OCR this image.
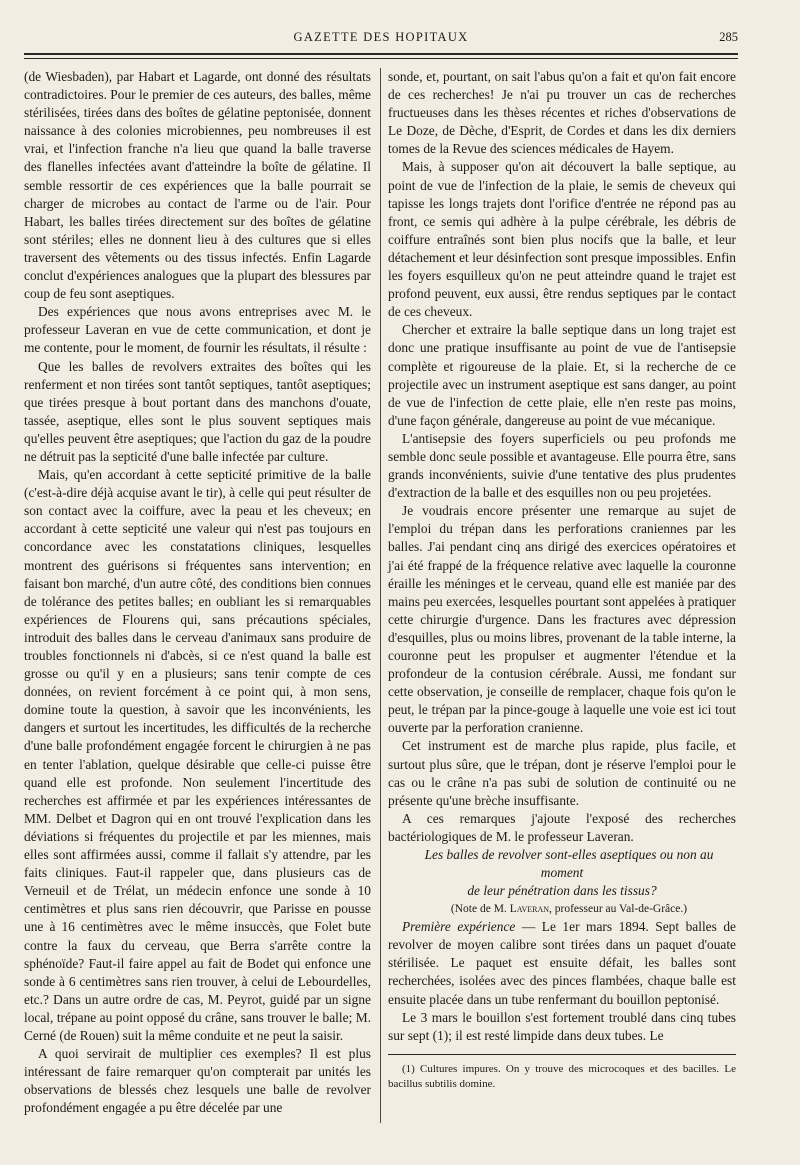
GAZETTE DES HOPITAUX	285

(de Wiesbaden), par Habart et Lagarde, ont donné des résultats contradictoires. Pour le premier de ces auteurs, des balles, même stérilisées, tirées dans des boîtes de gélatine peptonisée, donnent naissance à des colonies microbiennes, peu nombreuses il est vrai, et l'infection franche n'a lieu que quand la balle traverse des flanelles infectées avant d'atteindre la boîte de gélatine. Il semble ressortir de ces expériences que la balle pourrait se charger de microbes au contact de l'arme ou de l'air. Pour Habart, les balles tirées directement sur des boîtes de gélatine sont stériles; elles ne donnent lieu à des cultures que si elles traversent des vêtements ou des tissus infectés. Enfin Lagarde conclut d'expériences analogues que la plupart des blessures par coup de feu sont aseptiques.

Des expériences que nous avons entreprises avec M. le professeur Laveran en vue de cette communication, et dont je me contente, pour le moment, de fournir les résultats, il résulte :

Que les balles de revolvers extraites des boîtes qui les renferment et non tirées sont tantôt septiques, tantôt aseptiques; que tirées presque à bout portant dans des manchons d'ouate, tassée, aseptique, elles sont le plus souvent septiques mais qu'elles peuvent être aseptiques; que l'action du gaz de la poudre ne détruit pas la septicité d'une balle infectée par culture.

Mais, qu'en accordant à cette septicité primitive de la balle (c'est-à-dire déjà acquise avant le tir), à celle qui peut résulter de son contact avec la coiffure, avec la peau et les cheveux; en accordant à cette septicité une valeur qui n'est pas toujours en concordance avec les constatations cliniques, lesquelles montrent des guérisons si fréquentes sans intervention; en faisant bon marché, d'un autre côté, des conditions bien connues de tolérance des petites balles; en oubliant les si remarquables expériences de Flourens qui, sans précautions spéciales, introduit des balles dans le cerveau d'animaux sans produire de troubles fonctionnels ni d'abcès, si ce n'est quand la balle est grosse ou qu'il y en a plusieurs; sans tenir compte de ces données, on revient forcément à ce point qui, à mon sens, domine toute la question, à savoir que les inconvénients, les dangers et surtout les incertitudes, les difficultés de la recherche d'une balle profondément engagée forcent le chirurgien à ne pas en tenter l'ablation, quelque désirable que celle-ci puisse être quand elle est profonde. Non seulement l'incertitude des recherches est affirmée et par les expériences intéressantes de MM. Delbet et Dagron qui en ont trouvé l'explication dans les déviations si fréquentes du projectile et par les miennes, mais elles sont affirmées aussi, comme il fallait s'y attendre, par les faits cliniques. Faut-il rappeler que, dans plusieurs cas de Verneuil et de Trélat, un médecin enfonce une sonde à 10 centimètres et plus sans rien découvrir, que Parisse en pousse une à 16 centimètres avec le même insuccès, que Folet bute contre la faux du cerveau, que Berra s'arrête contre la sphénoïde? Faut-il faire appel au fait de Bodet qui enfonce une sonde à 6 centimètres sans rien trouver, à celui de Lebourdelles, etc.? Dans un autre ordre de cas, M. Peyrot, guidé par un signe local, trépane au point opposé du crâne, sans trouver le balle; M. Cerné (de Rouen) suit la même conduite et ne peut la saisir.

A quoi servirait de multiplier ces exemples? Il est plus intéressant de faire remarquer qu'on compterait par unités les observations de blessés chez lesquels une balle de revolver profondément engagée a pu être décelée par une

sonde, et, pourtant, on sait l'abus qu'on a fait et qu'on fait encore de ces recherches! Je n'ai pu trouver un cas de recherches fructueuses dans les thèses récentes et riches d'observations de Le Doze, de Dèche, d'Esprit, de Cordes et dans les dix derniers tomes de la Revue des sciences médicales de Hayem.

Mais, à supposer qu'on ait découvert la balle septique, au point de vue de l'infection de la plaie, le semis de cheveux qui tapisse les longs trajets dont l'orifice d'entrée ne répond pas au front, ce semis qui adhère à la pulpe cérébrale, les débris de coiffure entraînés sont bien plus nocifs que la balle, et leur détachement et leur désinfection sont presque impossibles. Enfin les foyers esquilleux qu'on ne peut atteindre quand le trajet est profond peuvent, eux aussi, être rendus septiques par le contact de ces cheveux.

Chercher et extraire la balle septique dans un long trajet est donc une pratique insuffisante au point de vue de l'antisepsie complète et rigoureuse de la plaie. Et, si la recherche de ce projectile avec un instrument aseptique est sans danger, au point de vue de l'infection de cette plaie, elle n'en reste pas moins, d'une façon générale, dangereuse au point de vue mécanique.

L'antisepsie des foyers superficiels ou peu profonds me semble donc seule possible et avantageuse. Elle pourra être, sans grands inconvénients, suivie d'une tentative des plus prudentes d'extraction de la balle et des esquilles non ou peu projetées.

Je voudrais encore présenter une remarque au sujet de l'emploi du trépan dans les perforations craniennes par les balles. J'ai pendant cinq ans dirigé des exercices opératoires et j'ai été frappé de la fréquence relative avec laquelle la couronne éraille les méninges et le cerveau, quand elle est maniée par des mains peu exercées, lesquelles pourtant sont appelées à pratiquer cette chirurgie d'urgence. Dans les fractures avec dépression d'esquilles, plus ou moins libres, provenant de la table interne, la couronne peut les propulser et augmenter l'étendue et la profondeur de la contusion cérébrale. Aussi, me fondant sur cette observation, je conseille de remplacer, chaque fois qu'on le peut, le trépan par la pince-gouge à laquelle une voie est ici tout ouverte par la perforation cranienne.

Cet instrument est de marche plus rapide, plus facile, et surtout plus sûre, que le trépan, dont je réserve l'emploi pour le cas ou le crâne n'a pas subi de solution de continuité ou ne présente qu'une brèche insuffisante.

A ces remarques j'ajoute l'exposé des recherches bactériologiques de M. le professeur Laveran.

Les balles de revolver sont-elles aseptiques ou non au moment
de leur pénétration dans les tissus?

(Note de M. Laveran, professeur au Val-de-Grâce.)

Première expérience — Le 1er mars 1894. Sept balles de revolver de moyen calibre sont tirées dans un paquet d'ouate stérilisée. Le paquet est ensuite défait, les balles sont recherchées, isolées avec des pinces flambées, chaque balle est ensuite placée dans un tube renfermant du bouillon peptonisé.

Le 3 mars le bouillon s'est fortement troublé dans cinq tubes sur sept (1); il est resté limpide dans deux tubes. Le

(1) Cultures impures. On y trouve des microcoques et des bacilles. Le bacillus subtilis domine.
